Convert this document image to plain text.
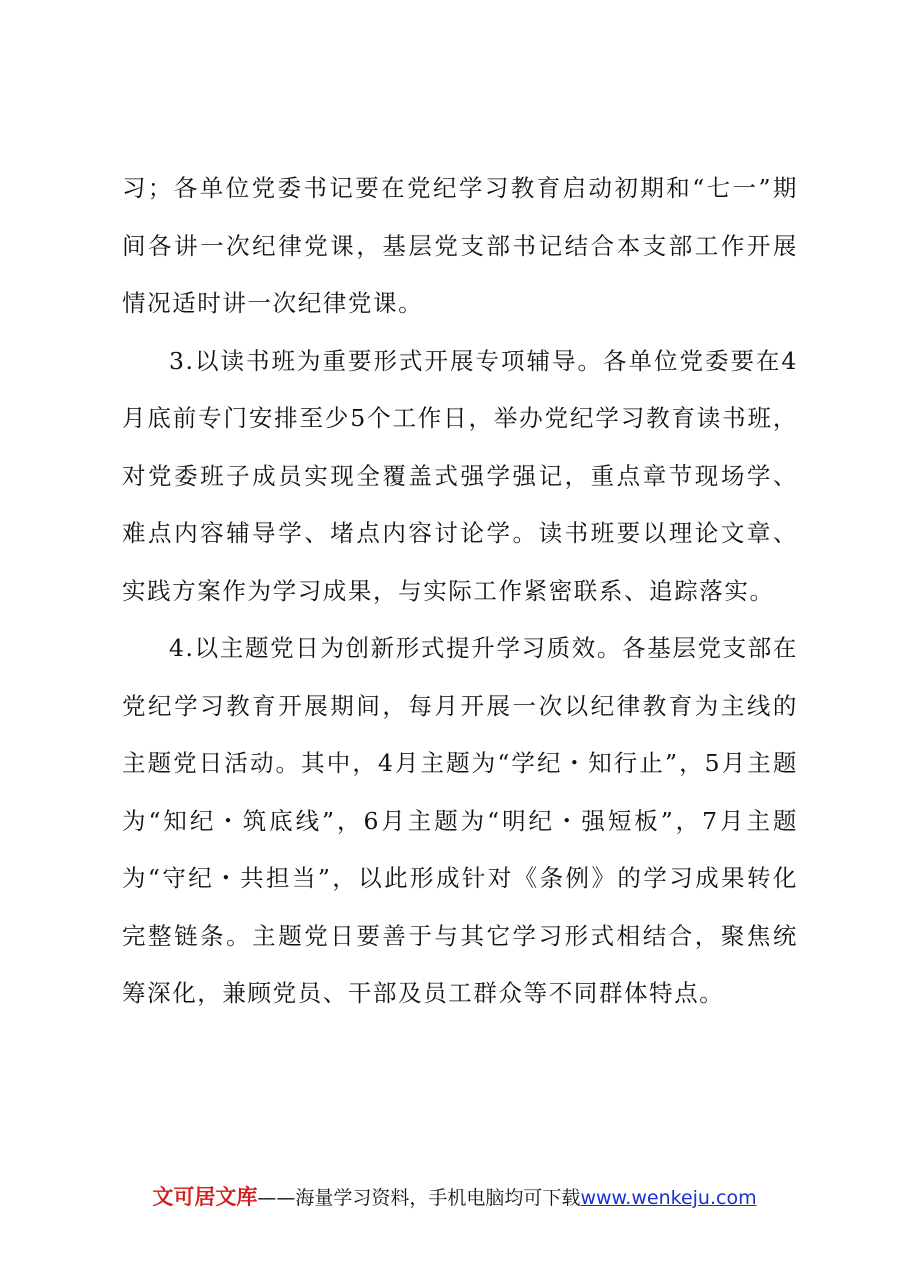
习；各单位党委书记要在党纪学习教育启动初期和“七一”期间各讲一次纪律党课，基层党支部书记结合本支部工作开展情况适时讲一次纪律党课。

3.以读书班为重要形式开展专项辅导。各单位党委要在4月底前专门安排至少5个工作日，举办党纪学习教育读书班，对党委班子成员实现全覆盖式强学强记，重点章节现场学、难点内容辅导学、堵点内容讨论学。读书班要以理论文章、实践方案作为学习成果，与实际工作紧密联系、追踪落实。

4.以主题党日为创新形式提升学习质效。各基层党支部在党纪学习教育开展期间，每月开展一次以纪律教育为主线的主题党日活动。其中，4月主题为“学纪・知行止”，5月主题为“知纪・筑底线”，6月主题为“明纪・强短板”，7月主题为“守纪・共担当”，以此形成针对《条例》的学习成果转化完整链条。主题党日要善于与其它学习形式相结合，聚焦统筹深化，兼顾党员、干部及员工群众等不同群体特点。

文可居文库——海量学习资料，手机电脑均可下载www.wenkeju.com
